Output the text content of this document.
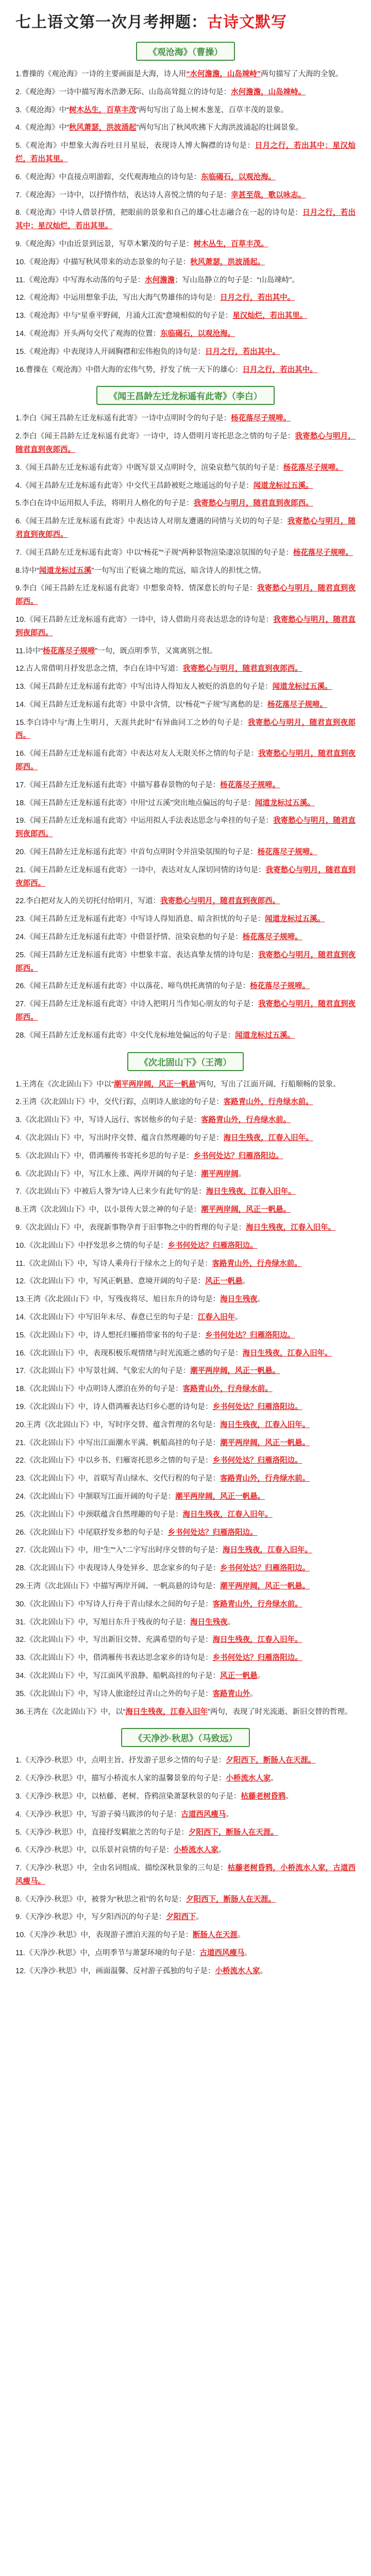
七上语文第一次月考押题：古诗文默写
《观沧海》（曹操）

1.曹操的《观沧海》一诗的主要画面是大海，诗人用“水何澹澹，山岛竦峙”两句描写了大海的全貌。

2.《观沧海》一诗中描写海水浩渺无际、山岛高耸挺立的诗句是：水何澹澹，山岛竦峙。

3.《观沧海》中“树木丛生，百草丰茂”两句写出了岛上树木葱茏、百草丰茂的景象。

4.《观沧海》中“秋风萧瑟，洪波涌起”两句写出了秋风吹拂下大海洪波涌起的壮阔景象。

5.《观沧海》中想象大海吞吐日月星辰，表现诗人博大胸襟的诗句是：日月之行，若出其中；星汉灿烂，若出其里。

6.《观沧海》中直接点明游踪，交代观海地点的诗句是：东临碣石，以观沧海。

7.《观沧海》一诗中，以抒情作结，表达诗人喜悦之情的句子是：幸甚至哉，歌以咏志。

8.《观沧海》中诗人借景抒情，把眼前的景象和自己的雄心壮志融合在一起的诗句是：日月之行，若出其中；星汉灿烂，若出其里。

9.《观沧海》中由近景到远景，写草木繁茂的句子是：树木丛生，百草丰茂。

10.《观沧海》中描写秋风带来的动态景象的句子是：秋风萧瑟，洪波涌起。

11.《观沧海》中写海水动荡的句子是：水何澹澹；写山岛静立的句子是：“山岛竦峙”。

12.《观沧海》中运用想象手法，写出大海气势雄伟的诗句是：日月之行，若出其中。

13.《观沧海》中与“星垂平野阔，月涌大江流”意境相似的句子是：星汉灿烂，若出其里。

14.《观沧海》开头两句交代了观海的位置：东临碣石，以观沧海。

15.《观沧海》中表现诗人开阔胸襟和宏伟抱负的诗句是：日月之行，若出其中。

16.曹操在《观沧海》中借大海的宏伟气势，抒发了统一天下的雄心：日月之行，若出其中。

《闻王昌龄左迁龙标遥有此寄》（李白）

1.李白《闻王昌龄左迁龙标遥有此寄》一诗中点明时令的句子是：杨花落尽子规啼。

2.李白《闻王昌龄左迁龙标遥有此寄》一诗中，诗人借明月寄托思念之情的句子是：我寄愁心与明月，随君直到夜郎西。

3.《闻王昌龄左迁龙标遥有此寄》中既写景又点明时令，渲染哀愁气氛的句子是：杨花落尽子规啼。

4.《闻王昌龄左迁龙标遥有此寄》中交代王昌龄被贬之地遥远的句子是：闻道龙标过五溪。

5.李白在诗中运用拟人手法，将明月人格化的句子是：我寄愁心与明月，随君直到夜郎西。

6.《闻王昌龄左迁龙标遥有此寄》中表达诗人对朋友遭遇的同情与关切的句子是：我寄愁心与明月，随君直到夜郎西。

7.《闻王昌龄左迁龙标遥有此寄》中以“杨花”“子规”两种景物渲染凄凉氛围的句子是：杨花落尽子规啼。

8.诗中“闻道龙标过五溪”一句写出了贬谪之地的荒远，暗含诗人的担忧之情。

9.李白《闻王昌龄左迁龙标遥有此寄》中想象奇特、情深意长的句子是：我寄愁心与明月，随君直到夜郎西。

10.《闻王昌龄左迁龙标遥有此寄》一诗中，诗人借助月亮表达思念的诗句是：我寄愁心与明月，随君直到夜郎西。

11.诗中“杨花落尽子规啼”一句，既点明季节，又寓离别之恨。

12.古人常借明月抒发思念之情，李白在诗中写道：我寄愁心与明月，随君直到夜郎西。

13.《闻王昌龄左迁龙标遥有此寄》中写出诗人得知友人被贬的消息的句子是：闻道龙标过五溪。

14.《闻王昌龄左迁龙标遥有此寄》中景中含情，以“杨花”“子规”写离愁的是：杨花落尽子规啼。

15.李白诗中与“海上生明月，天涯共此时”有异曲同工之妙的句子是：我寄愁心与明月，随君直到夜郎西。

16.《闻王昌龄左迁龙标遥有此寄》中表达对友人无限关怀之情的句子是：我寄愁心与明月，随君直到夜郎西。

17.《闻王昌龄左迁龙标遥有此寄》中描写暮春景物的句子是：杨花落尽子规啼。

18.《闻王昌龄左迁龙标遥有此寄》中用“过五溪”突出地点偏远的句子是：闻道龙标过五溪。

19.《闻王昌龄左迁龙标遥有此寄》中运用拟人手法表达思念与牵挂的句子是：我寄愁心与明月，随君直到夜郎西。

20.《闻王昌龄左迁龙标遥有此寄》中首句点明时令并渲染氛围的句子是：杨花落尽子规啼。

21.《闻王昌龄左迁龙标遥有此寄》一诗中，表达对友人深切同情的诗句是：我寄愁心与明月，随君直到夜郎西。

22.李白把对友人的关切托付给明月，写道：我寄愁心与明月，随君直到夜郎西。

23.《闻王昌龄左迁龙标遥有此寄》中写诗人得知消息、暗含担忧的句子是：闻道龙标过五溪。

24.《闻王昌龄左迁龙标遥有此寄》中借景抒情、渲染哀愁的句子是：杨花落尽子规啼。

25.《闻王昌龄左迁龙标遥有此寄》中想象丰富、表达真挚友情的诗句是：我寄愁心与明月，随君直到夜郎西。

26.《闻王昌龄左迁龙标遥有此寄》中以落花、啼鸟烘托离情的句子是：杨花落尽子规啼。

27.《闻王昌龄左迁龙标遥有此寄》中诗人把明月当作知心朋友的句子是：我寄愁心与明月，随君直到夜郎西。

28.《闻王昌龄左迁龙标遥有此寄》中交代龙标地处偏远的句子是：闻道龙标过五溪。

《次北固山下》（王湾）

1.王湾在《次北固山下》中以“潮平两岸阔，风正一帆悬”两句，写出了江面开阔、行船顺畅的景象。

2.王湾《次北固山下》中，交代行踪，点明诗人旅途的句子是：客路青山外，行舟绿水前。

3.《次北固山下》中，写诗人远行、客居他乡的句子是：客路青山外，行舟绿水前。

4.《次北固山下》中，写出时序交替、蕴含自然理趣的句子是：海日生残夜，江春入旧年。

5.《次北固山下》中，借鸿雁传书寄托乡思的句子是：乡书何处达？归雁洛阳边。

6.《次北固山下》中，写江水上涨、两岸开阔的句子是：潮平两岸阔。

7.《次北固山下》中被后人誉为“诗人已来少有此句”的是：海日生残夜，江春入旧年。

8.王湾《次北固山下》中，以小景传大景之神的句子是：潮平两岸阔，风正一帆悬。

9.《次北固山下》中，表现新事物孕育于旧事物之中的哲理的句子是：海日生残夜，江春入旧年。

10.《次北固山下》中抒发思乡之情的句子是：乡书何处达？归雁洛阳边。

11.《次北固山下》中，写诗人乘舟行于绿水之上的句子是：客路青山外，行舟绿水前。

12.《次北固山下》中，写风正帆悬、意境开阔的句子是：风正一帆悬。

13.王湾《次北固山下》中，写残夜将尽、旭日东升的诗句是：海日生残夜。

14.《次北固山下》中写旧年未尽、春意已至的句子是：江春入旧年。

15.《次北固山下》中，诗人想托归雁捎带家书的句子是：乡书何处达？归雁洛阳边。

16.《次北固山下》中，表现积极乐观情绪与时光流逝之感的句子是：海日生残夜，江春入旧年。

17.《次北固山下》中写景壮阔、气象宏大的句子是：潮平两岸阔，风正一帆悬。

18.《次北固山下》中点明诗人漂泊在外的句子是：客路青山外，行舟绿水前。

19.《次北固山下》中，诗人借鸿雁表达归乡心愿的诗句是：乡书何处达？归雁洛阳边。

20.王湾《次北固山下》中，写时序交替、蕴含哲理的名句是：海日生残夜，江春入旧年。

21.《次北固山下》中写出江面潮水平满、帆船高挂的句子是：潮平两岸阔，风正一帆悬。

22.《次北固山下》中以乡书、归雁寄托思乡之情的句子是：乡书何处达？归雁洛阳边。

23.《次北固山下》中，首联写青山绿水、交代行程的句子是：客路青山外，行舟绿水前。

24.《次北固山下》中颔联写江面开阔的句子是：潮平两岸阔，风正一帆悬。

25.《次北固山下》中颈联蕴含自然理趣的句子是：海日生残夜，江春入旧年。

26.《次北固山下》中尾联抒发乡愁的句子是：乡书何处达？归雁洛阳边。

27.《次北固山下》中，用“生”“入”二字写出时序交替的句子是：海日生残夜，江春入旧年。

28.《次北固山下》中表现诗人身处异乡、思念家乡的句子是：乡书何处达？归雁洛阳边。

29.王湾《次北固山下》中描写两岸开阔、一帆高悬的诗句是：潮平两岸阔，风正一帆悬。

30.《次北固山下》中写诗人行舟于青山绿水之间的句子是：客路青山外，行舟绿水前。

31.《次北固山下》中，写旭日东升于残夜的句子是：海日生残夜。

32.《次北固山下》中，写出新旧交替、充满希望的句子是：海日生残夜，江春入旧年。

33.《次北固山下》中，借鸿雁传书表达思念家乡的诗句是：乡书何处达？归雁洛阳边。

34.《次北固山下》中，写江面风平浪静、船帆高挂的句子是：风正一帆悬。

35.《次北固山下》中，写诗人旅途经过青山之外的句子是：客路青山外。

36.王湾在《次北固山下》中，以“海日生残夜，江春入旧年”两句，表现了时光流逝、新旧交替的哲理。

《天净沙·秋思》（马致远）

1.《天净沙·秋思》中，点明主旨、抒发游子思乡之情的句子是：夕阳西下，断肠人在天涯。

2.《天净沙·秋思》中，描写小桥流水人家的温馨景象的句子是：小桥流水人家。

3.《天净沙·秋思》中，以枯藤、老树、昏鸦渲染萧瑟秋景的句子是：枯藤老树昏鸦。

4.《天净沙·秋思》中，写游子骑马跋涉的句子是：古道西风瘦马。

5.《天净沙·秋思》中，直接抒发羁旅之苦的句子是：夕阳西下，断肠人在天涯。

6.《天净沙·秋思》中，以乐景衬哀情的句子是：小桥流水人家。

7.《天净沙·秋思》中，全由名词组成、描绘深秋景象的三句是：枯藤老树昏鸦，小桥流水人家，古道西风瘦马。

8.《天净沙·秋思》中，被誉为“秋思之祖”的名句是：夕阳西下，断肠人在天涯。

9.《天净沙·秋思》中，写夕阳西沉的句子是：夕阳西下。

10.《天净沙·秋思》中，表现游子漂泊天涯的句子是：断肠人在天涯。

11.《天净沙·秋思》中，点明季节与萧瑟环境的句子是：古道西风瘦马。

12.《天净沙·秋思》中，画面温馨、反衬游子孤独的句子是：小桥流水人家。
